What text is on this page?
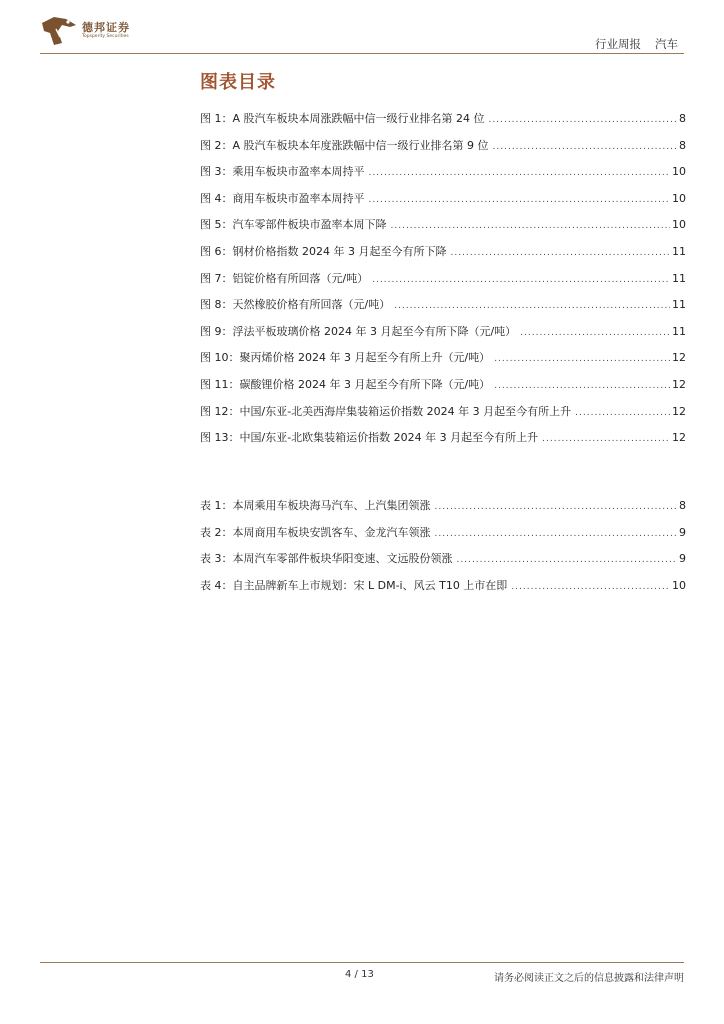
德邦证券
Topsperity Securities
行业周报 汽车
图表目录
图 1：A 股汽车板块本周涨跌幅中信一级行业排名第 24 位 .....	8
图 2：A 股汽车板块本年度涨跌幅中信一级行业排名第 9 位 .....	8
图 3：乘用车板块市盈率本周持平 .....	10
图 4：商用车板块市盈率本周持平 .....	10
图 5：汽车零部件板块市盈率本周下降 .....	10
图 6：钢材价格指数 2024 年 3 月起至今有所下降 .....	11
图 7：铝锭价格有所回落（元/吨） .....	11
图 8：天然橡胶价格有所回落（元/吨） .....	11
图 9：浮法平板玻璃价格 2024 年 3 月起至今有所下降（元/吨） .....	11
图 10：聚丙烯价格 2024 年 3 月起至今有所上升（元/吨） .....	12
图 11：碳酸锂价格 2024 年 3 月起至今有所下降（元/吨） .....	12
图 12：中国/东亚-北美西海岸集装箱运价指数 2024 年 3 月起至今有所上升 .....	12
图 13：中国/东亚-北欧集装箱运价指数 2024 年 3 月起至今有所上升 .....	12
表 1：本周乘用车板块海马汽车、上汽集团领涨 .....	8
表 2：本周商用车板块安凯客车、金龙汽车领涨 .....	9
表 3：本周汽车零部件板块华阳变速、文远股份领涨 .....	9
表 4：自主品牌新车上市规划：宋 L DM-i、风云 T10 上市在即 .....	10
4 / 13	请务必阅读正文之后的信息披露和法律声明
